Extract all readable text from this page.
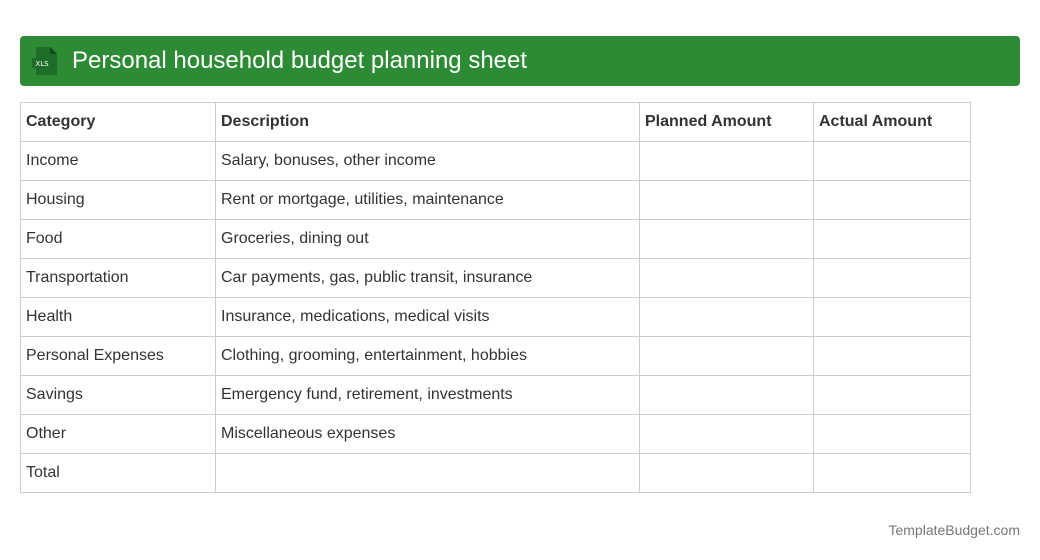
XLS Personal household budget planning sheet
Category	Description	Planned Amount	Actual Amount
Income	Salary, bonuses, other income		
Housing	Rent or mortgage, utilities, maintenance		
Food	Groceries, dining out		
Transportation	Car payments, gas, public transit, insurance		
Health	Insurance, medications, medical visits		
Personal Expenses	Clothing, grooming, entertainment, hobbies		
Savings	Emergency fund, retirement, investments		
Other	Miscellaneous expenses		
Total			
TemplateBudget.com
